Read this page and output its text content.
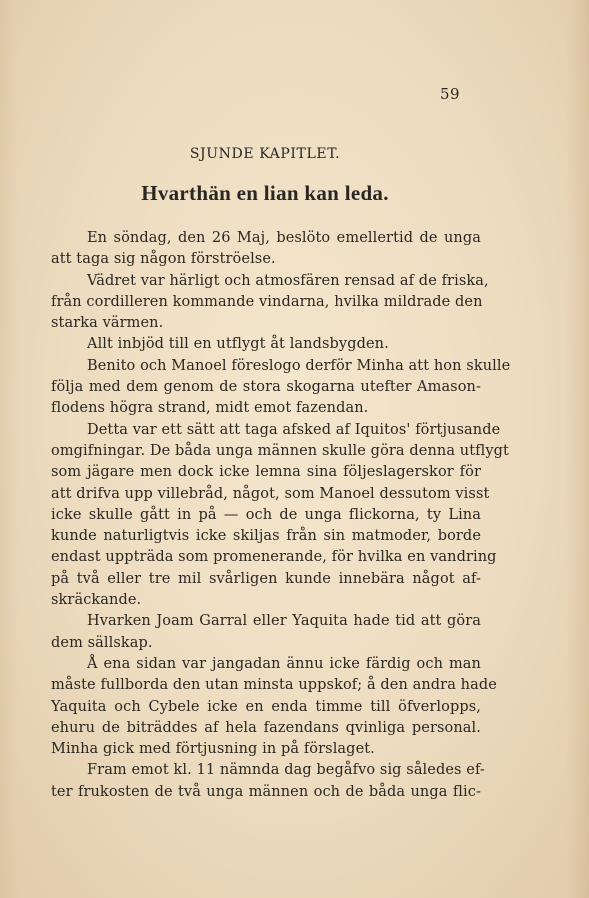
59
SJUNDE KAPITLET.
Hvarthän en lian kan leda.
En söndag, den 26 Maj, beslöto emellertid de unga
att taga sig någon förströelse.
Vädret var härligt och atmosfären rensad af de friska,
från cordilleren kommande vindarna, hvilka mildrade den
starka värmen.
Allt inbjöd till en utflygt åt landsbygden.
Benito och Manoel föreslogo derför Minha att hon skulle
följa med dem genom de stora skogarna utefter Amason-
flodens högra strand, midt emot fazendan.
Detta var ett sätt att taga afsked af Iquitos' förtjusande
omgifningar. De båda unga männen skulle göra denna utflygt
som jägare men dock icke lemna sina följeslagerskor för
att drifva upp villebråd, något, som Manoel dessutom visst
icke skulle gått in på — och de unga flickorna, ty Lina
kunde naturligtvis icke skiljas från sin matmoder, borde
endast uppträda som promenerande, för hvilka en vandring
på två eller tre mil svårligen kunde innebära något af-
skräckande.
Hvarken Joam Garral eller Yaquita hade tid att göra
dem sällskap.
Å ena sidan var jangadan ännu icke färdig och man
måste fullborda den utan minsta uppskof; å den andra hade
Yaquita och Cybele icke en enda timme till öfverlopps,
ehuru de biträddes af hela fazendans qvinliga personal.
Minha gick med förtjusning in på förslaget.
Fram emot kl. 11 nämnda dag begåfvo sig således ef-
ter frukosten de två unga männen och de båda unga flic-
